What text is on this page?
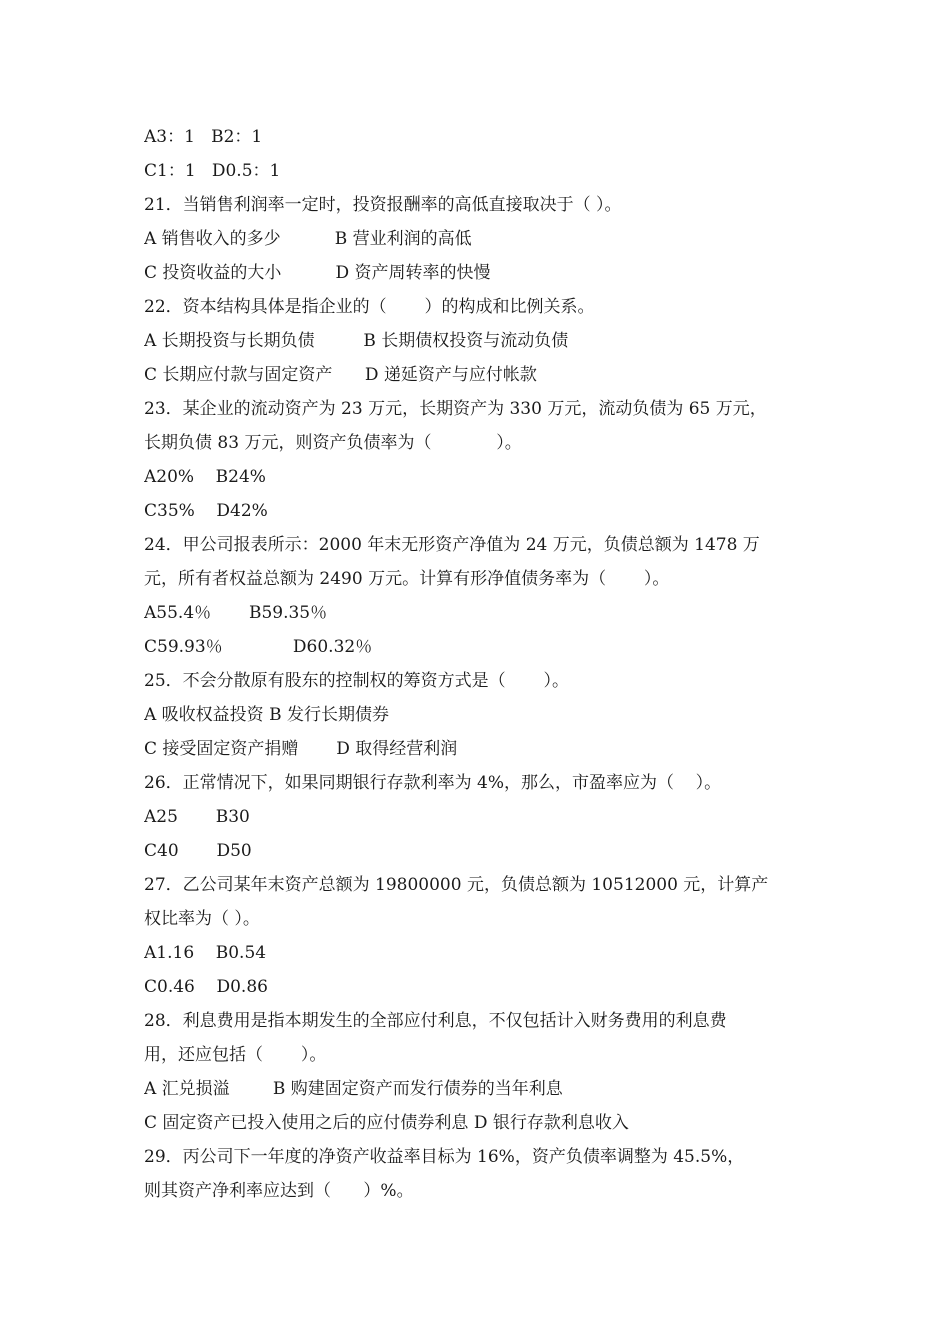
A3：1   B2：1
C1：1   D0.5：1
21．当销售利润率一定时，投资报酬率的高低直接取决于（ ）。
A 销售收入的多少          B 营业利润的高低
C 投资收益的大小          D 资产周转率的快慢
22．资本结构具体是指企业的（       ）的构成和比例关系。
A 长期投资与长期负债         B 长期债权投资与流动负债
C 长期应付款与固定资产      D 递延资产与应付帐款
23．某企业的流动资产为 23 万元，长期资产为 330 万元，流动负债为 65 万元，
长期负债 83 万元，则资产负债率为（            ）。
A20%    B24%
C35%    D42%
24．甲公司报表所示：2000 年末无形资产净值为 24 万元，负债总额为 1478 万
元，所有者权益总额为 2490 万元。计算有形净值债务率为（       ）。
A55.4％       B59.35％
C59.93％             D60.32％
25．不会分散原有股东的控制权的筹资方式是（       ）。
A 吸收权益投资 B 发行长期债券
C 接受固定资产捐赠       D 取得经营利润
26．正常情况下，如果同期银行存款利率为 4%，那么，市盈率应为（    ）。
A25       B30
C40       D50
27．乙公司某年末资产总额为 19800000 元，负债总额为 10512000 元，计算产
权比率为（ ）。
A1.16    B0.54
C0.46    D0.86
28．利息费用是指本期发生的全部应付利息，不仅包括计入财务费用的利息费
用，还应包括（       ）。
A 汇兑损溢        B 购建固定资产而发行债券的当年利息
C 固定资产已投入使用之后的应付债券利息 D 银行存款利息收入
29．丙公司下一年度的净资产收益率目标为 16%，资产负债率调整为 45.5%，
则其资产净利率应达到（      ）%。
